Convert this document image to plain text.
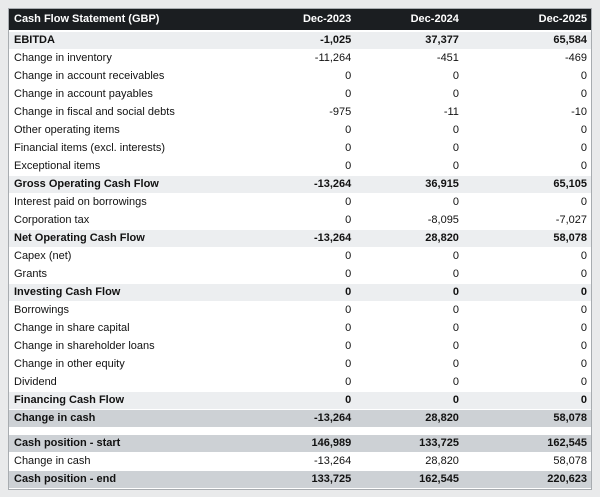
Cash Flow Statement (GBP)	Dec-2023	Dec-2024	Dec-2025
EBITDA	-1,025	37,377	65,584
Change in inventory	-11,264	-451	-469
Change in account receivables	0	0	0
Change in account payables	0	0	0
Change in fiscal and social debts	-975	-11	-10
Other operating items	0	0	0
Financial items (excl. interests)	0	0	0
Exceptional items	0	0	0
Gross Operating Cash Flow	-13,264	36,915	65,105
Interest paid on borrowings	0	0	0
Corporation tax	0	-8,095	-7,027
Net Operating Cash Flow	-13,264	28,820	58,078
Capex (net)	0	0	0
Grants	0	0	0
Investing Cash Flow	0	0	0
Borrowings	0	0	0
Change in share capital	0	0	0
Change in shareholder loans	0	0	0
Change in other equity	0	0	0
Dividend	0	0	0
Financing Cash Flow	0	0	0
Change in cash	-13,264	28,820	58,078

Cash position - start	146,989	133,725	162,545
Change in cash	-13,264	28,820	58,078
Cash position - end	133,725	162,545	220,623
